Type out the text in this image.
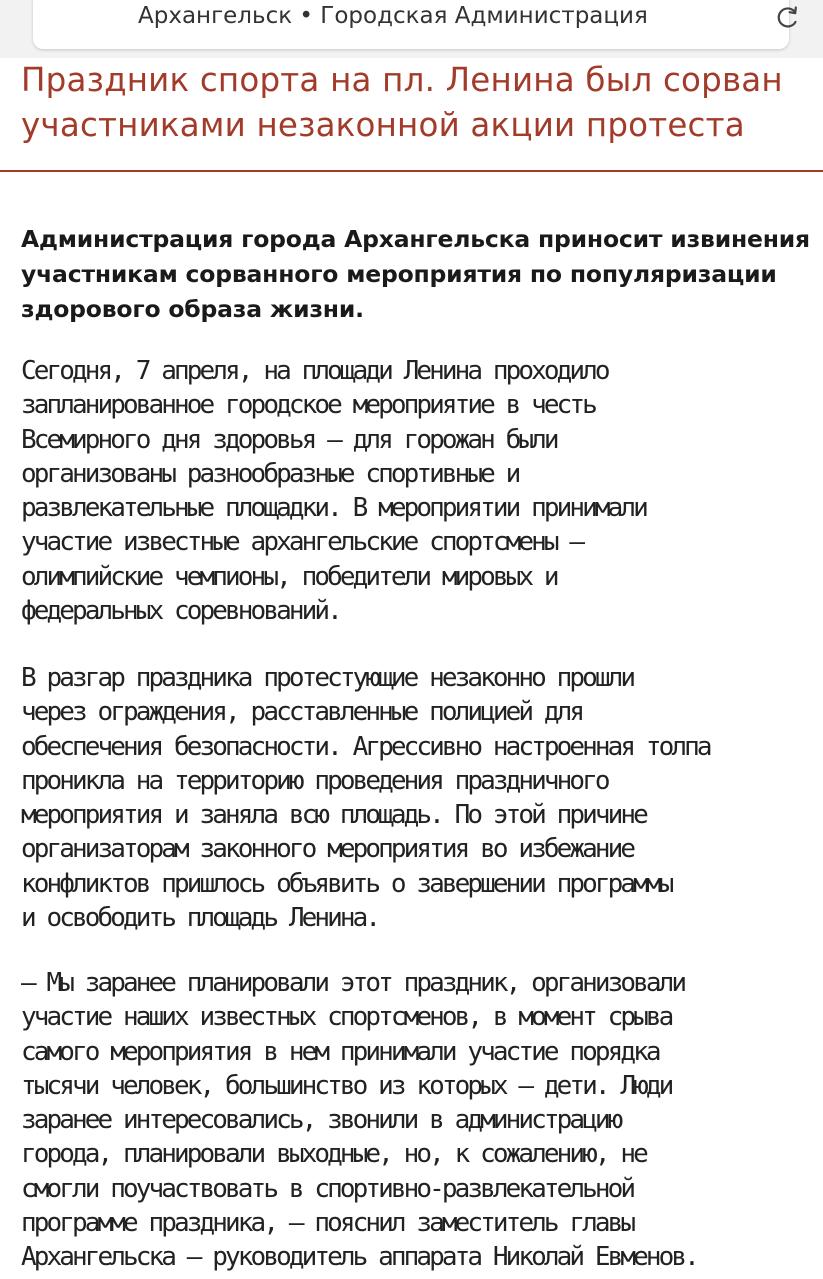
Архангельск • Городская Администрация
Праздник спорта на пл. Ленина был сорван участниками незаконной акции протеста

Администрация города Архангельска приносит извинения участникам сорванного мероприятия по популяризации здорового образа жизни.

Сегодня, 7 апреля, на площади Ленина проходило
запланированное городское мероприятие в честь
Всемирного дня здоровья – для горожан были
организованы разнообразные спортивные и
развлекательные площадки. В мероприятии принимали
участие известные архангельские спортсмены –
олимпийские чемпионы, победители мировых и
федеральных соревнований.

В разгар праздника протестующие незаконно прошли
через ограждения, расставленные полицией для
обеспечения безопасности. Агрессивно настроенная толпа
проникла на территорию проведения праздничного
мероприятия и заняла всю площадь. По этой причине
организаторам законного мероприятия во избежание
конфликтов пришлось объявить о завершении программы
и освободить площадь Ленина.

– Мы заранее планировали этот праздник, организовали
участие наших известных спортсменов, в момент срыва
самого мероприятия в нем принимали участие порядка
тысячи человек, большинство из которых – дети. Люди
заранее интересовались, звонили в администрацию
города, планировали выходные, но, к сожалению, не
смогли поучаствовать в спортивно-развлекательной
программе праздника, – пояснил заместитель главы
Архангельска – руководитель аппарата Николай Евменов.
